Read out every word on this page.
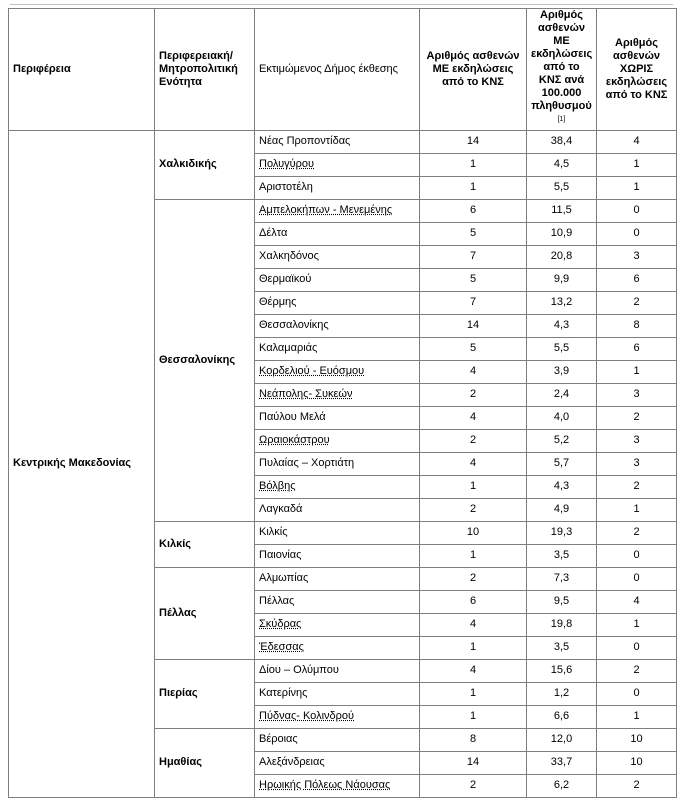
Περιφέρεια	Περιφερειακή/ Μητροπολιτική Ενότητα	Εκτιμώμενος Δήμος έκθεσης	Αριθμός ασθενών ΜΕ εκδηλώσεις από το ΚΝΣ	Αριθμός ασθενών ΜΕ εκδηλώσεις από το ΚΝΣ ανά 100.000 πληθυσμού [1]	Αριθμός ασθενών ΧΩΡΙΣ εκδηλώσεις από το ΚΝΣ
Κεντρικής Μακεδονίας	Χαλκιδικής	Νέας Προποντίδας	14	38,4	4
		Πολυγύρου	1	4,5	1
		Αριστοτέλη	1	5,5	1
	Θεσσαλονίκης	Αμπελοκήπων - Μενεμένης	6	11,5	0
		Δέλτα	5	10,9	0
		Χαλκηδόνος	7	20,8	3
		Θερμαϊκού	5	9,9	6
		Θέρμης	7	13,2	2
		Θεσσαλονίκης	14	4,3	8
		Καλαμαριάς	5	5,5	6
		Κορδελιού - Ευόσμου	4	3,9	1
		Νεάπολης- Συκεών	2	2,4	3
		Παύλου Μελά	4	4,0	2
		Ωραιοκάστρου	2	5,2	3
		Πυλαίας – Χορτιάτη	4	5,7	3
		Βόλβης	1	4,3	2
		Λαγκαδά	2	4,9	1
	Κιλκίς	Κιλκίς	10	19,3	2
		Παιονίας	1	3,5	0
	Πέλλας	Αλμωπίας	2	7,3	0
		Πέλλας	6	9,5	4
		Σκύδρας	4	19,8	1
		Έδεσσας	1	3,5	0
	Πιερίας	Δίου – Ολύμπου	4	15,6	2
		Κατερίνης	1	1,2	0
		Πύδνας- Κολινδρού	1	6,6	1
	Ημαθίας	Βέροιας	8	12,0	10
		Αλεξάνδρειας	14	33,7	10
		Ηρωικής Πόλεως Νάουσας	2	6,2	2
